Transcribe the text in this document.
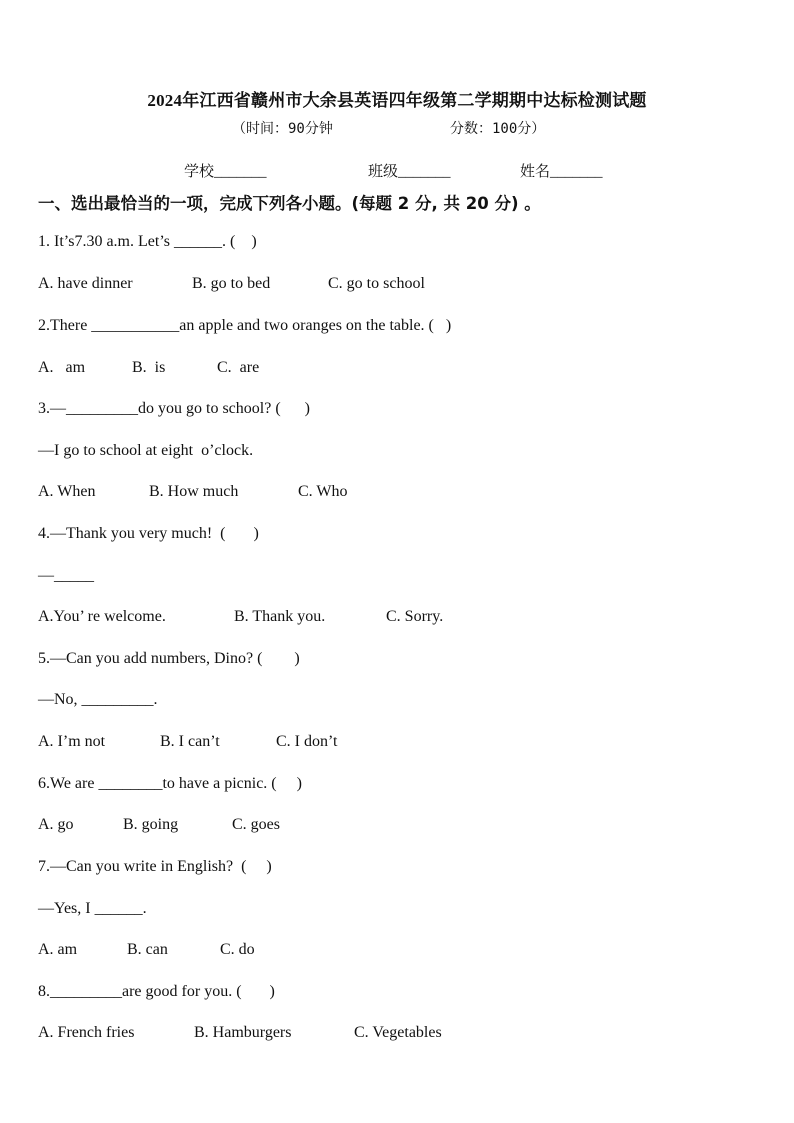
2024年江西省赣州市大余县英语四年级第二学期期中达标检测试题
（时间：90分钟	分数：100分）
学校_______	班级_______	姓名_______
一、选出最恰当的一项，完成下列各小题。(每题 2 分, 共 20 分) 。
1. It’s7.30 a.m. Let’s ______. (    )
A. have dinner	B. go to bed	C. go to school
2.There ___________an apple and two oranges on the table. (   )
A.   am	B.  is	C.  are
3.—_________do you go to school? (      )
—I go to school at eight  o’clock.
A. When	B. How much	C. Who
4.—Thank you very much!  (       )
—_____
A.You’ re welcome.	B. Thank you.	C. Sorry.
5.—Can you add numbers, Dino? (        )
—No, _________.
A. I’m not	B. I can’t	C. I don’t
6.We are ________to have a picnic. (     )
A. go	B. going	C. goes
7.—Can you write in English?  (     )
—Yes, I ______.
A. am	B. can	C. do
8._________are good for you. (       )
A. French fries	B. Hamburgers	C. Vegetables
